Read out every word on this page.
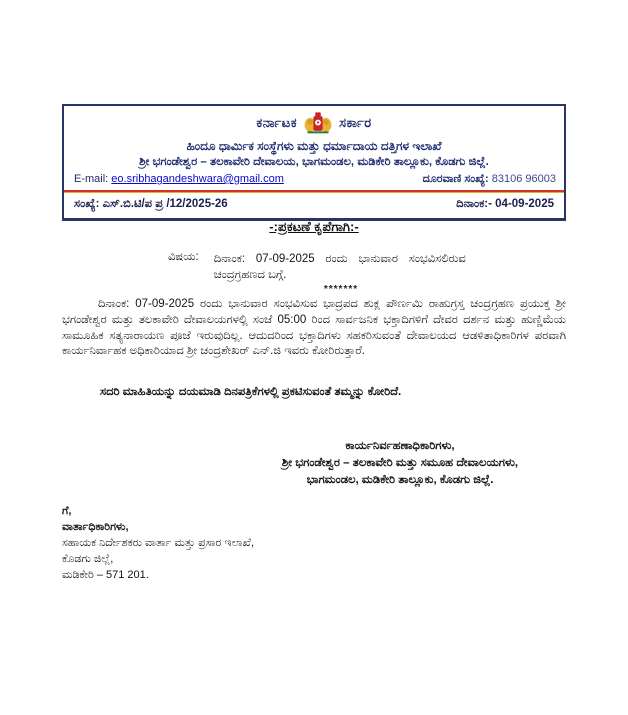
ಕರ್ನಾಟಕ	ಸರ್ಕಾರ
ಹಿಂದೂ ಧಾರ್ಮಿಕ ಸಂಸ್ಥೆಗಳು ಮತ್ತು ಧರ್ಮಾದಾಯ ದತ್ತಿಗಳ ಇಲಾಖೆ
ಶ್ರೀ ಭಗಂಡೇಶ್ವರ – ತಲಕಾವೇರಿ ದೇವಾಲಯ, ಭಾಗಮಂಡಲ, ಮಡಿಕೇರಿ ತಾಲ್ಲೂಕು, ಕೊಡಗು ಜಿಲ್ಲೆ.
E-mail: eo.sribhagandeshwara@gmail.com	ದೂರವಾಣಿ ಸಂಖ್ಯೆ: 83106 96003
ಸಂಖ್ಯೆ: ಎಸ್.ಬಿ.ಟಿ/ಪ ಪ್ರ /12/2025-26	ದಿನಾಂಕ:- 04-09-2025
-:ಪ್ರಕಟಣೆ ಕೃಪೆಗಾಗಿ:-
ವಿಷಯ: ದಿನಾಂಕ: 07-09-2025 ರಂದು ಭಾನುವಾರ ಸಂಭವಿಸಲಿರುವ ಚಂದ್ರಗ್ರಹಣದ ಬಗ್ಗೆ.
*******
ದಿನಾಂಕ: 07-09-2025 ರಂದು ಭಾನುವಾರ ಸಂಭವಿಸುವ ಭಾದ್ರಪದ ಶುಕ್ಲ ಪೌರ್ಣಮಿ ರಾಹುಗ್ರಸ್ತ ಚಂದ್ರಗ್ರಹಣ ಪ್ರಯುಕ್ತ ಶ್ರೀ ಭಗಂಡೇಶ್ವರ ಮತ್ತು ತಲಕಾವೇರಿ ದೇವಾಲಯಗಳಲ್ಲಿ ಸಂಜೆ 05:00 ರಿಂದ ಸಾರ್ವಜನಿಕ ಭಕ್ತಾದಿಗಳಿಗೆ ದೇವರ ದರ್ಶನ ಮತ್ತು ಹುಣ್ಣಿಮೆಯ ಸಾಮೂಹಿಕ ಸತ್ಯನಾರಾಯಣ ಪೂಜೆ ಇರುವುದಿಲ್ಲ. ಆದುದರಿಂದ ಭಕ್ತಾದಿಗಳು ಸಹಕರಿಸುವಂತೆ ದೇವಾಲಯದ ಆಡಳಿತಾಧಿಕಾರಿಗಳ ಪರವಾಗಿ ಕಾರ್ಯನಿರ್ವಾಹಕ ಅಧಿಕಾರಿಯಾದ ಶ್ರೀ ಚಂದ್ರಶೇಖರ್ ಎನ್.ಜಿ ಇವರು ಕೋರಿರುತ್ತಾರೆ.
ಸದರಿ ಮಾಹಿತಿಯನ್ನು ದಯಮಾಡಿ ದಿನಪತ್ರಿಕೆಗಳಲ್ಲಿ ಪ್ರಕಟಿಸುವಂತೆ ತಮ್ಮನ್ನು ಕೋರಿದೆ.
ಕಾರ್ಯನಿರ್ವಹಣಾಧಿಕಾರಿಗಳು,
ಶ್ರೀ ಭಗಂಡೇಶ್ವರ – ತಲಕಾವೇರಿ ಮತ್ತು ಸಮೂಹ ದೇವಾಲಯಗಳು,
ಭಾಗಮಂಡಲ, ಮಡಿಕೇರಿ ತಾಲ್ಲೂಕು, ಕೊಡಗು ಜಿಲ್ಲೆ.
ಗೆ,
ವಾರ್ತಾಧಿಕಾರಿಗಳು,
ಸಹಾಯಕ ನಿರ್ದೇಶಕರು ವಾರ್ತಾ ಮತ್ತು ಪ್ರಸಾರ ಇಲಾಖೆ,
ಕೊಡಗು ಜಿಲ್ಲೆ,
ಮಡಿಕೇರಿ – 571 201.
